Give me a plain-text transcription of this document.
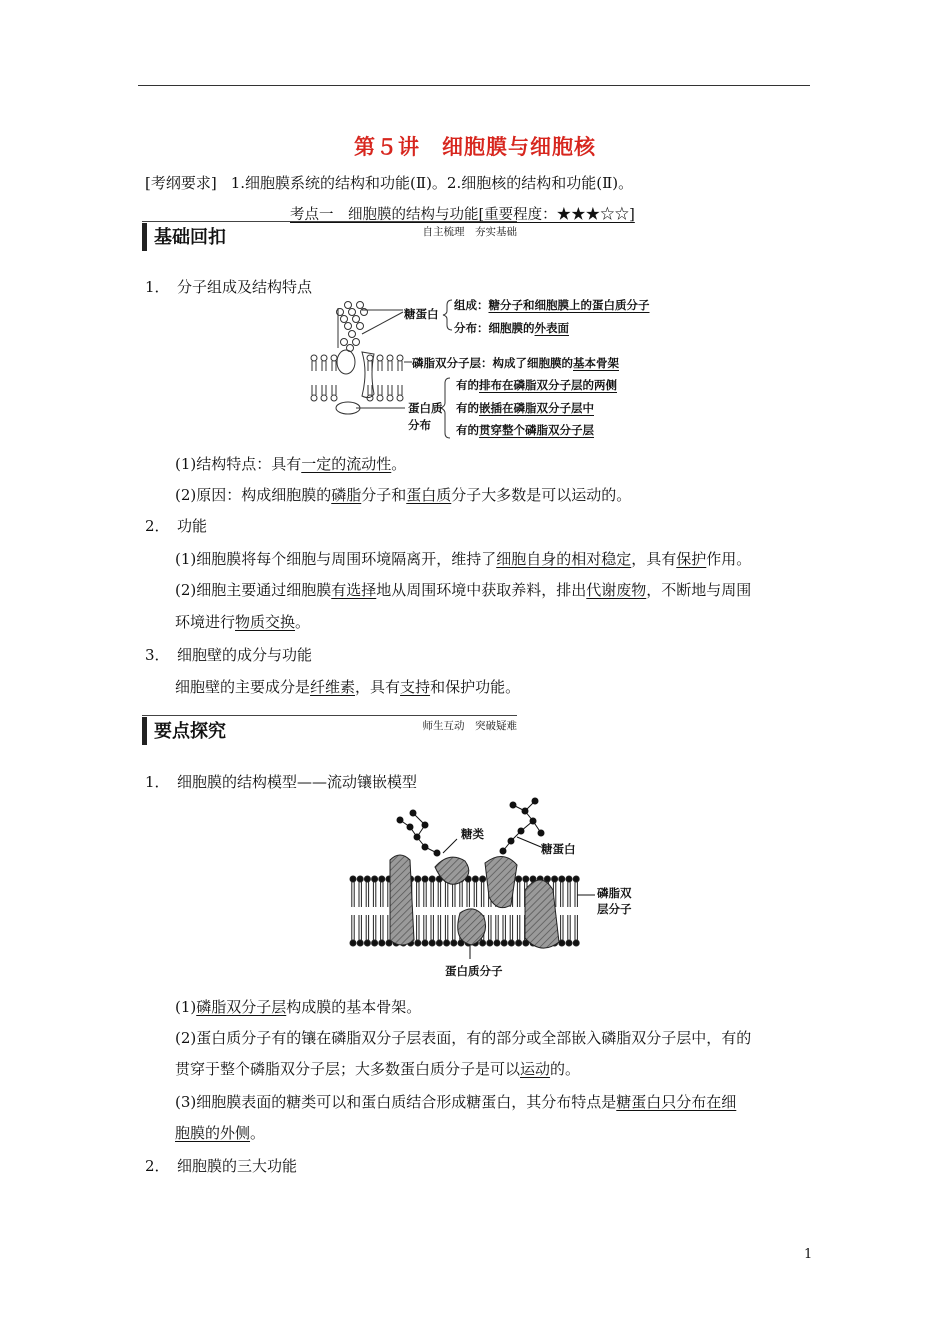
第５讲　细胞膜与细胞核
[考纲要求] 1.细胞膜系统的结构和功能(Ⅱ)。2.细胞核的结构和功能(Ⅱ)。
考点一　细胞膜的结构与功能[重要程度：★★★☆☆]
基础回扣	自主梳理　夯实基础
1．　分子组成及结构特点
糖蛋白
组成：糖分子和细胞膜上的蛋白质分子
分布：细胞膜的外表面
磷脂双分子层：构成了细胞膜的基本骨架
蛋白质
分布
有的排布在磷脂双分子层的两侧
有的嵌插在磷脂双分子层中
有的贯穿整个磷脂双分子层
(1)结构特点：具有一定的流动性。
(2)原因：构成细胞膜的磷脂分子和蛋白质分子大多数是可以运动的。
2．　功能
(1)细胞膜将每个细胞与周围环境隔离开，维持了细胞自身的相对稳定，具有保护作用。
(2)细胞主要通过细胞膜有选择地从周围环境中获取养料，排出代谢废物，不断地与周围
环境进行物质交换。
3．　细胞壁的成分与功能
细胞壁的主要成分是纤维素，具有支持和保护功能。
要点探究	师生互动　突破疑难
1．　细胞膜的结构模型——流动镶嵌模型
糖类
糖蛋白
磷脂双
层分子
蛋白质分子
(1)磷脂双分子层构成膜的基本骨架。
(2)蛋白质分子有的镶在磷脂双分子层表面，有的部分或全部嵌入磷脂双分子层中，有的
贯穿于整个磷脂双分子层；大多数蛋白质分子是可以运动的。
(3)细胞膜表面的糖类可以和蛋白质结合形成糖蛋白，其分布特点是糖蛋白只分布在细
胞膜的外侧。
2．　细胞膜的三大功能
1
